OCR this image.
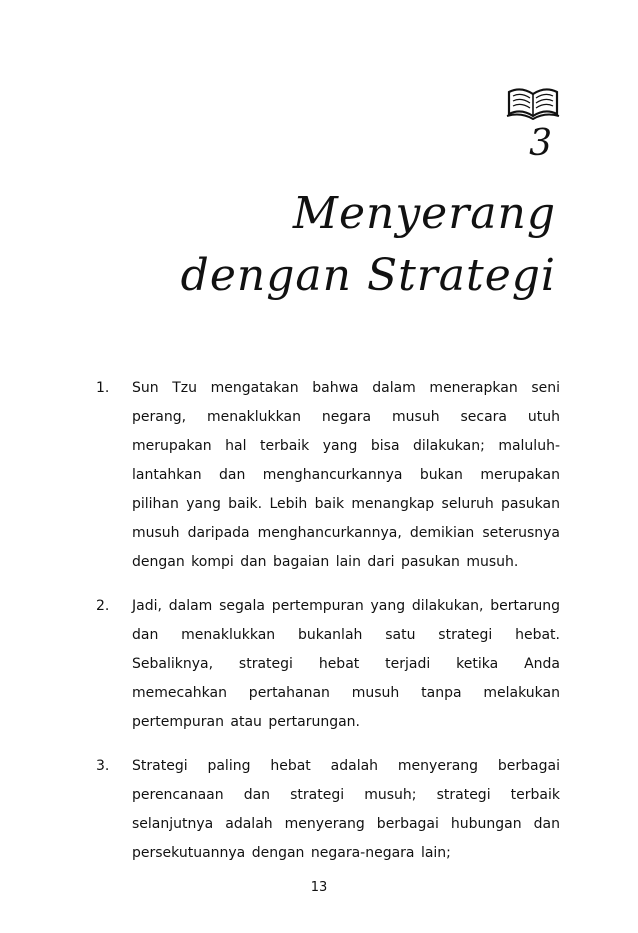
3
Menyerang
dengan Strategi
1.	Sun Tzu mengatakan bahwa dalam menerapkan seni perang, menaklukkan negara musuh secara utuh merupakan hal terbaik yang bisa dilakukan; maluluh-lantahkan dan menghancurkannya bukan merupakan pilihan yang baik. Lebih baik menangkap seluruh pasukan musuh daripada menghancurkannya, demikian seterusnya dengan kompi dan bagaian lain dari pasukan musuh.
2.	Jadi, dalam segala pertempuran yang dilakukan, bertarung dan menaklukkan bukanlah satu strategi hebat. Sebaliknya, strategi hebat terjadi ketika Anda memecahkan pertahanan musuh tanpa melakukan pertempuran atau pertarungan.
3.	Strategi paling hebat adalah menyerang berbagai perencanaan dan strategi musuh; strategi terbaik selanjutnya adalah menyerang berbagai hubungan dan persekutuannya dengan negara-negara lain;
13
